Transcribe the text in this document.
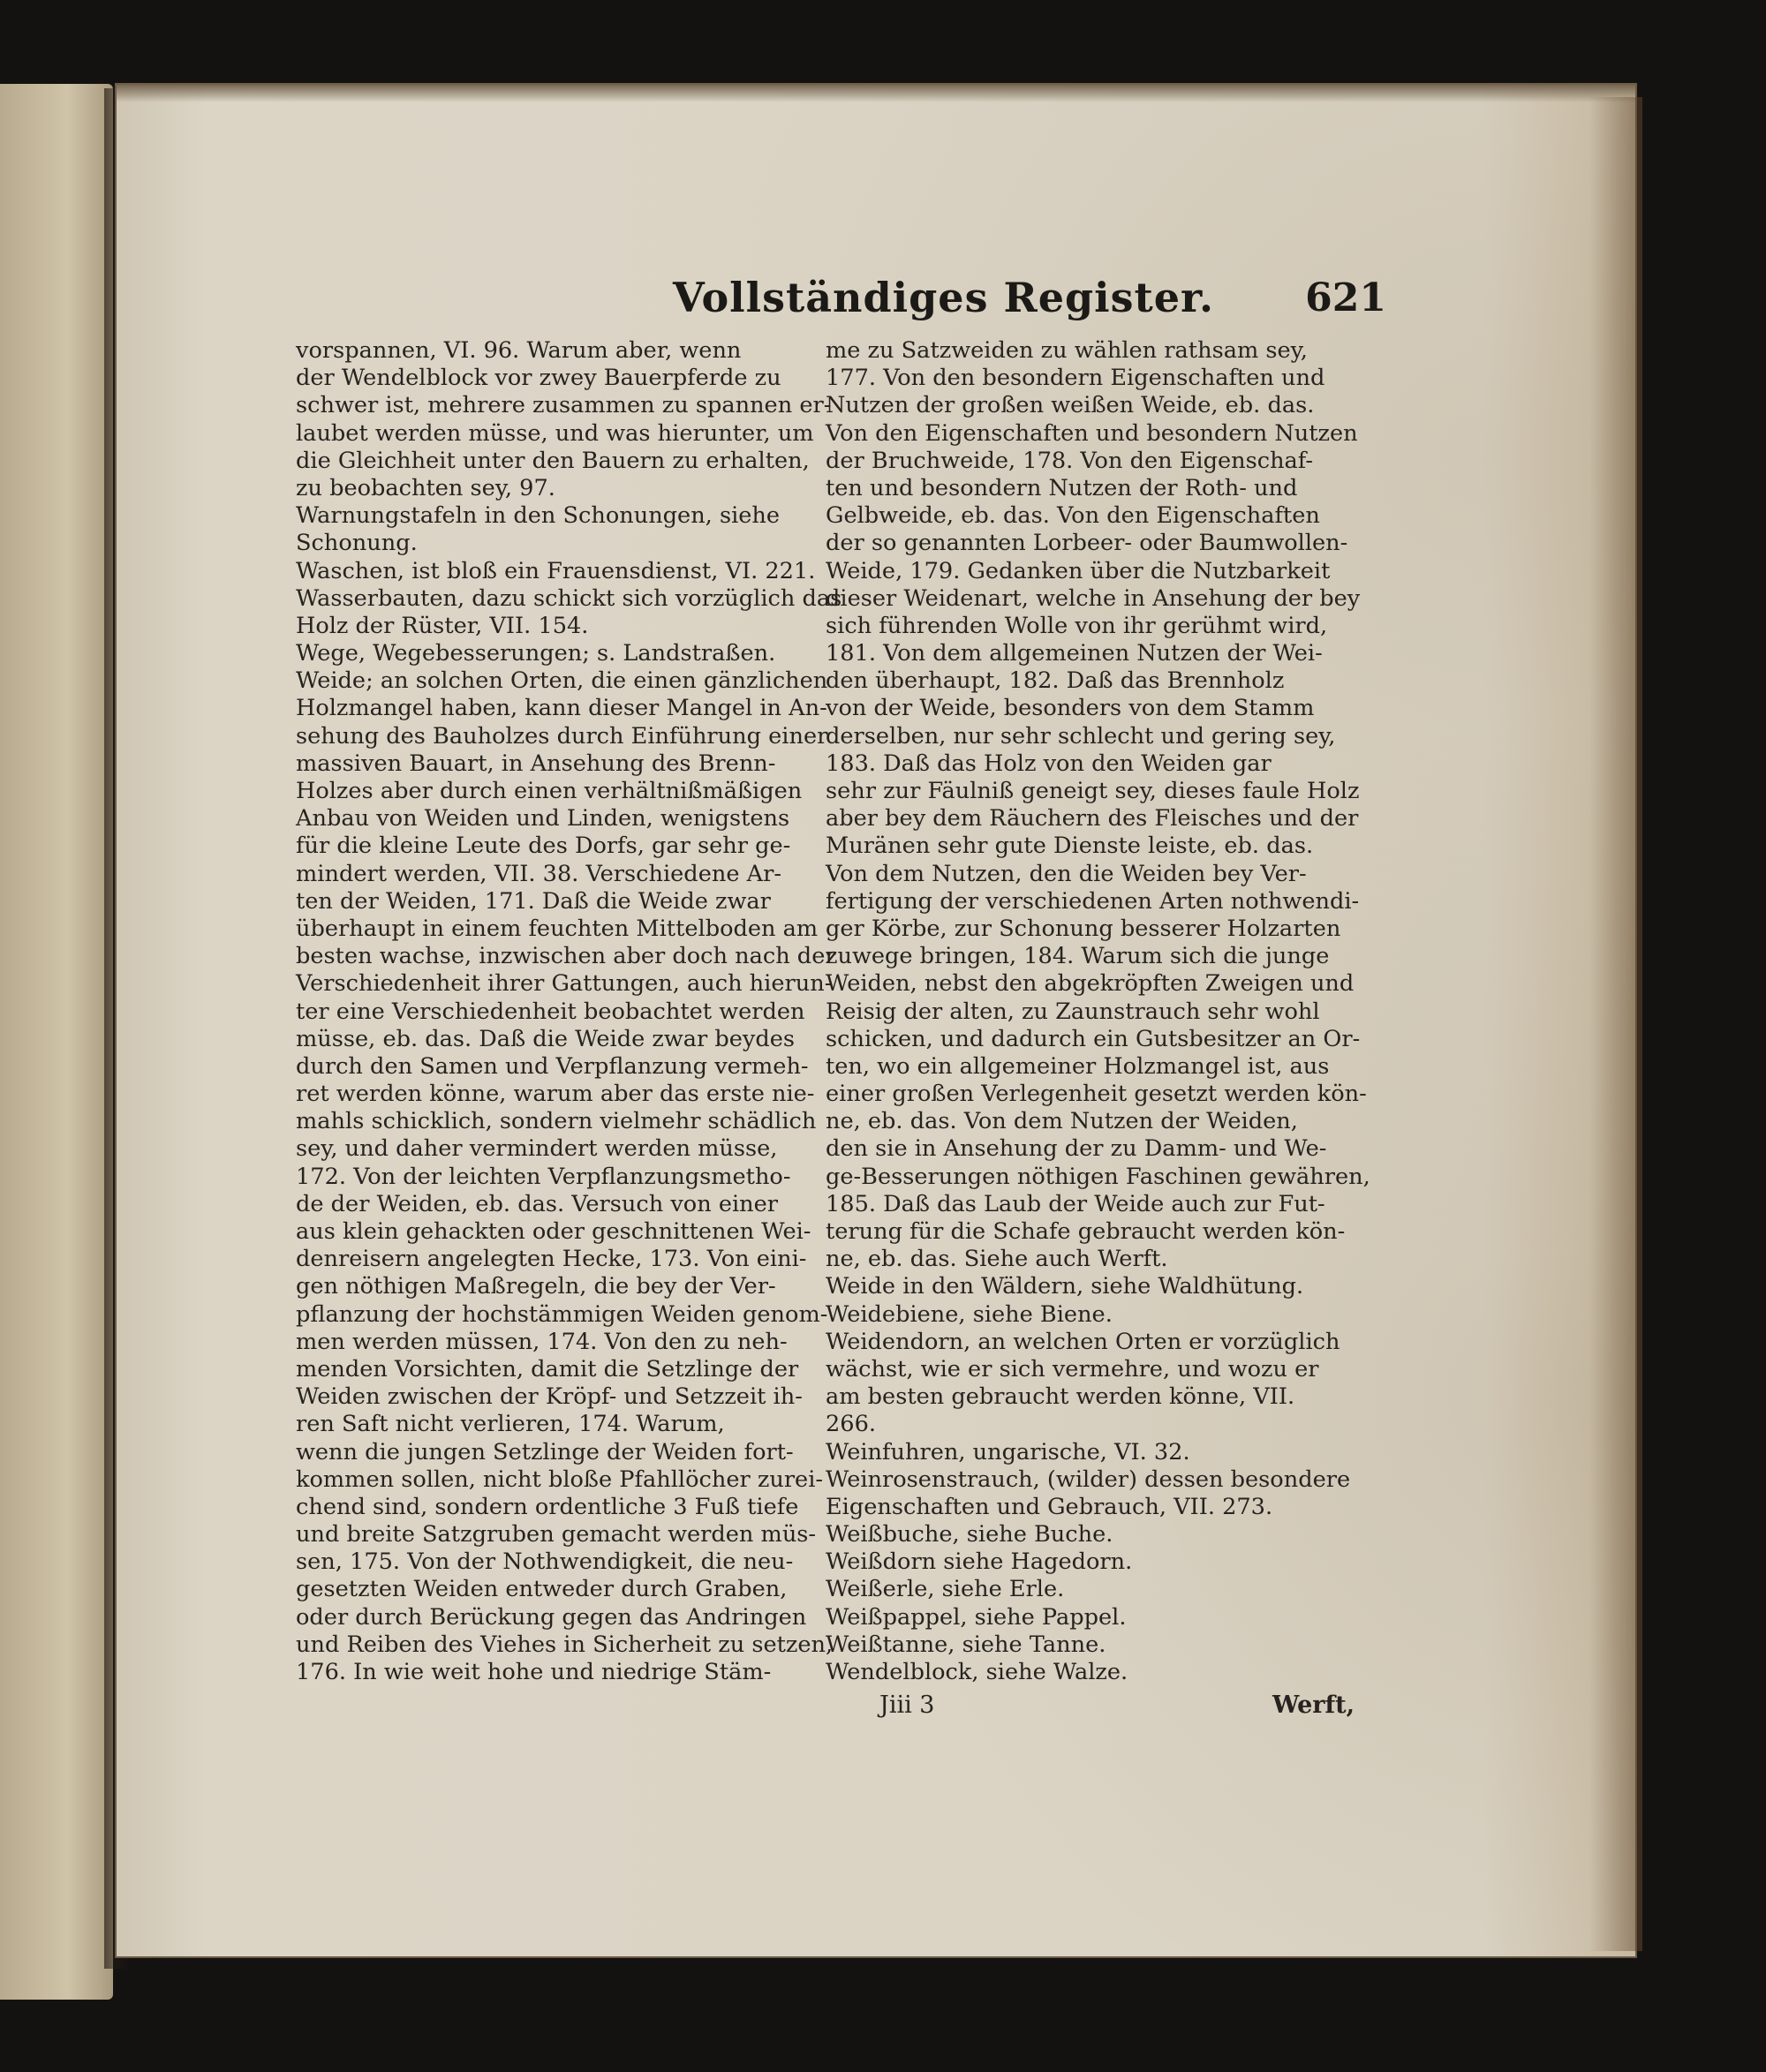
Vollständiges Register. 621
vorspannen, VI. 96. Warum aber, wenn
der Wendelblock vor zwey Bauerpferde zu
schwer ist, mehrere zusammen zu spannen er-
laubet werden müsse, und was hierunter, um
die Gleichheit unter den Bauern zu erhalten,
zu beobachten sey, 97.
Warnungstafeln in den Schonungen, siehe
Schonung.
Waschen, ist bloß ein Frauensdienst, VI. 221.
Wasserbauten, dazu schickt sich vorzüglich das
Holz der Rüster, VII. 154.
Wege, Wegebesserungen; s. Landstraßen.
Weide; an solchen Orten, die einen gänzlichen
Holzmangel haben, kann dieser Mangel in An-
sehung des Bauholzes durch Einführung einer
massiven Bauart, in Ansehung des Brenn-
Holzes aber durch einen verhältnißmäßigen
Anbau von Weiden und Linden, wenigstens
für die kleine Leute des Dorfs, gar sehr ge-
mindert werden, VII. 38. Verschiedene Ar-
ten der Weiden, 171. Daß die Weide zwar
überhaupt in einem feuchten Mittelboden am
besten wachse, inzwischen aber doch nach der
Verschiedenheit ihrer Gattungen, auch hierun-
ter eine Verschiedenheit beobachtet werden
müsse, eb. das. Daß die Weide zwar beydes
durch den Samen und Verpflanzung vermeh-
ret werden könne, warum aber das erste nie-
mahls schicklich, sondern vielmehr schädlich
sey, und daher vermindert werden müsse,
172. Von der leichten Verpflanzungsmetho-
de der Weiden, eb. das. Versuch von einer
aus klein gehackten oder geschnittenen Wei-
denreisern angelegten Hecke, 173. Von eini-
gen nöthigen Maßregeln, die bey der Ver-
pflanzung der hochstämmigen Weiden genom-
men werden müssen, 174. Von den zu neh-
menden Vorsichten, damit die Setzlinge der
Weiden zwischen der Kröpf- und Setzzeit ih-
ren Saft nicht verlieren, 174. Warum,
wenn die jungen Setzlinge der Weiden fort-
kommen sollen, nicht bloße Pfahllöcher zurei-
chend sind, sondern ordentliche 3 Fuß tiefe
und breite Satzgruben gemacht werden müs-
sen, 175. Von der Nothwendigkeit, die neu-
gesetzten Weiden entweder durch Graben,
oder durch Berückung gegen das Andringen
und Reiben des Viehes in Sicherheit zu setzen,
176. In wie weit hohe und niedrige Stäm-
me zu Satzweiden zu wählen rathsam sey,
177. Von den besondern Eigenschaften und
Nutzen der großen weißen Weide, eb. das.
Von den Eigenschaften und besondern Nutzen
der Bruchweide, 178. Von den Eigenschaf-
ten und besondern Nutzen der Roth- und
Gelbweide, eb. das. Von den Eigenschaften
der so genannten Lorbeer- oder Baumwollen-
Weide, 179. Gedanken über die Nutzbarkeit
dieser Weidenart, welche in Ansehung der bey
sich führenden Wolle von ihr gerühmt wird,
181. Von dem allgemeinen Nutzen der Wei-
den überhaupt, 182. Daß das Brennholz
von der Weide, besonders von dem Stamm
derselben, nur sehr schlecht und gering sey,
183. Daß das Holz von den Weiden gar
sehr zur Fäulniß geneigt sey, dieses faule Holz
aber bey dem Räuchern des Fleisches und der
Muränen sehr gute Dienste leiste, eb. das.
Von dem Nutzen, den die Weiden bey Ver-
fertigung der verschiedenen Arten nothwendi-
ger Körbe, zur Schonung besserer Holzarten
zuwege bringen, 184. Warum sich die junge
Weiden, nebst den abgekröpften Zweigen und
Reisig der alten, zu Zaunstrauch sehr wohl
schicken, und dadurch ein Gutsbesitzer an Or-
ten, wo ein allgemeiner Holzmangel ist, aus
einer großen Verlegenheit gesetzt werden kön-
ne, eb. das. Von dem Nutzen der Weiden,
den sie in Ansehung der zu Damm- und We-
ge-Besserungen nöthigen Faschinen gewähren,
185. Daß das Laub der Weide auch zur Fut-
terung für die Schafe gebraucht werden kön-
ne, eb. das. Siehe auch Werft.
Weide in den Wäldern, siehe Waldhütung.
Weidebiene, siehe Biene.
Weidendorn, an welchen Orten er vorzüglich
wächst, wie er sich vermehre, und wozu er
am besten gebraucht werden könne, VII.
266.
Weinfuhren, ungarische, VI. 32.
Weinrosenstrauch, (wilder) dessen besondere
Eigenschaften und Gebrauch, VII. 273.
Weißbuche, siehe Buche.
Weißdorn siehe Hagedorn.
Weißerle, siehe Erle.
Weißpappel, siehe Pappel.
Weißtanne, siehe Tanne.
Wendelblock, siehe Walze.
Jiii 3	Werft,
